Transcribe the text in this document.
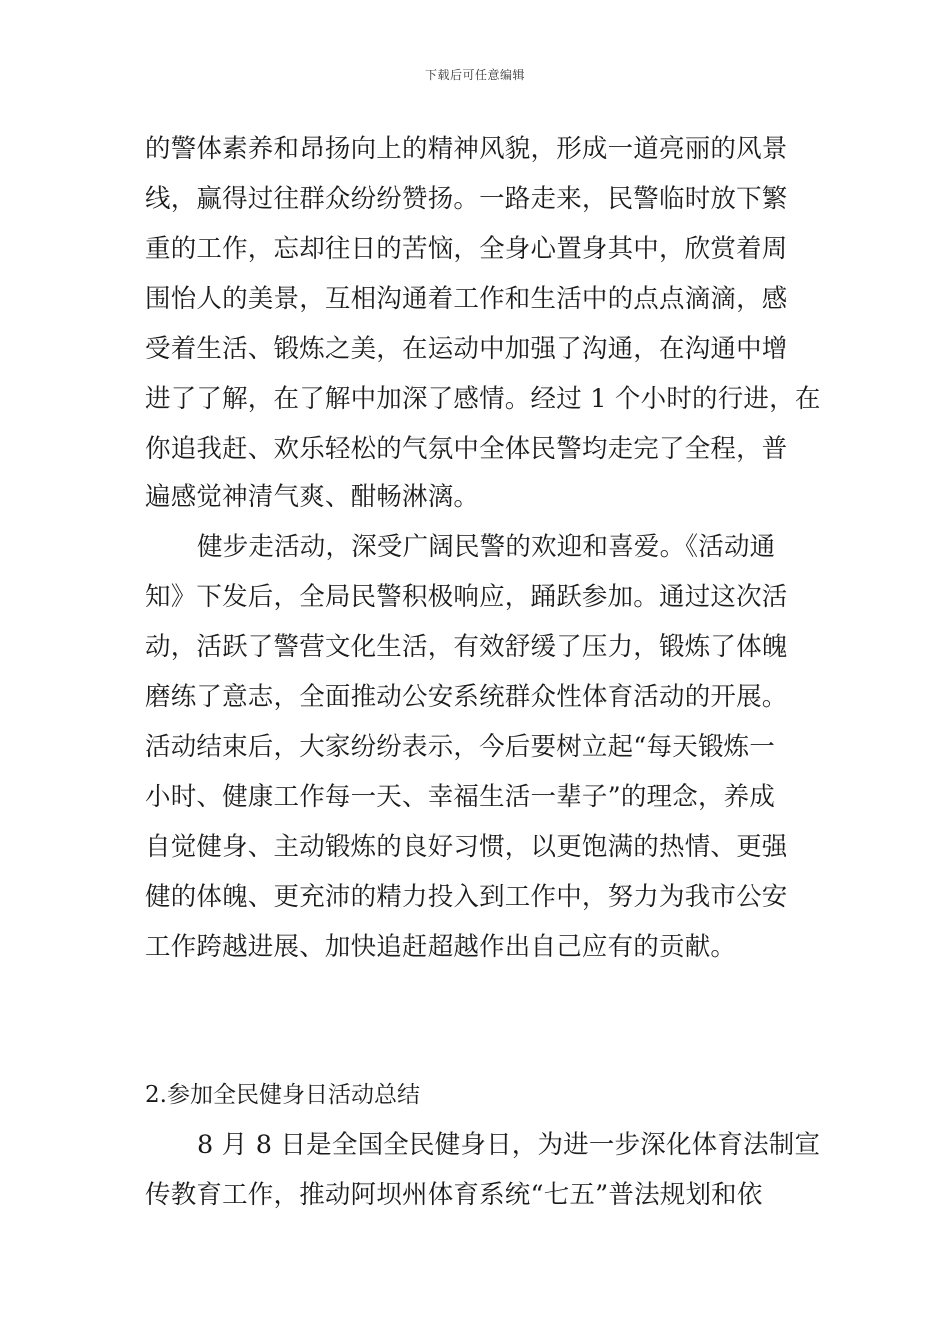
下载后可任意编辑
的警体素养和昂扬向上的精神风貌，形成一道亮丽的风景
线，赢得过往群众纷纷赞扬。一路走来，民警临时放下繁
重的工作，忘却往日的苦恼，全身心置身其中，欣赏着周
围怡人的美景，互相沟通着工作和生活中的点点滴滴，感
受着生活、锻炼之美，在运动中加强了沟通，在沟通中增
进了了解，在了解中加深了感情。经过 1 个小时的行进，在
你追我赶、欢乐轻松的气氛中全体民警均走完了全程，普
遍感觉神清气爽、酣畅淋漓。
健步走活动，深受广阔民警的欢迎和喜爱。《活动通
知》下发后，全局民警积极响应，踊跃参加。通过这次活
动，活跃了警营文化生活，有效舒缓了压力，锻炼了体魄
磨练了意志，全面推动公安系统群众性体育活动的开展。
活动结束后，大家纷纷表示，今后要树立起“每天锻炼一
小时、健康工作每一天、幸福生活一辈子”的理念，养成
自觉健身、主动锻炼的良好习惯，以更饱满的热情、更强
健的体魄、更充沛的精力投入到工作中，努力为我市公安
工作跨越进展、加快追赶超越作出自己应有的贡献。
2.参加全民健身日活动总结
8 月 8 日是全国全民健身日，为进一步深化体育法制宣
传教育工作，推动阿坝州体育系统“七五”普法规划和依
